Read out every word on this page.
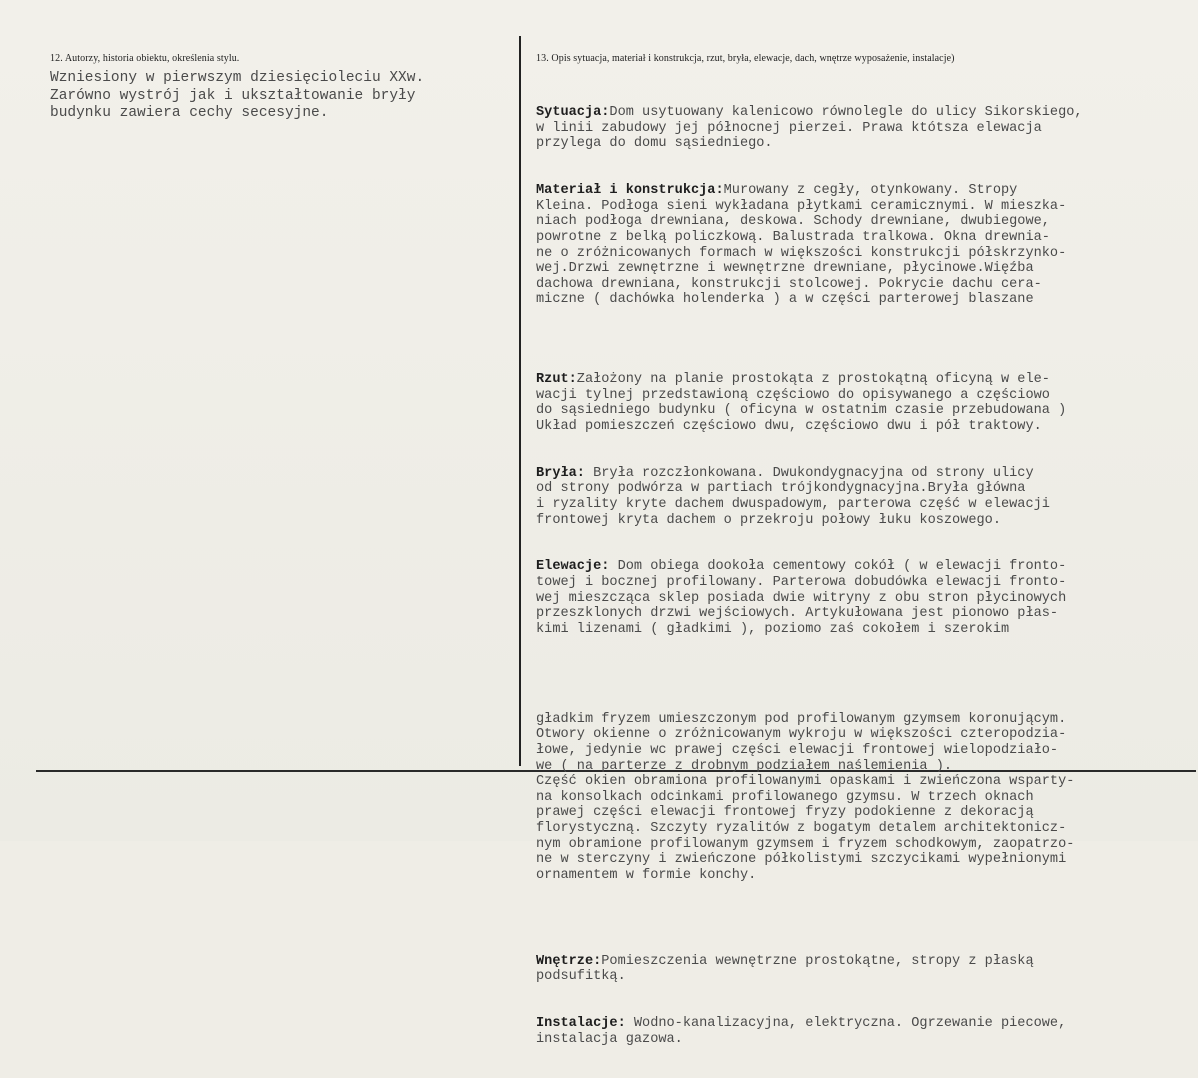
12. Autorzy, historia obiektu, określenia stylu.
Wzniesiony w pierwszym dziesięcioleciu XXw.
Zarówno wystrój jak i ukształtowanie bryły
budynku zawiera cechy secesyjne.
13. Opis sytuacja, materiał i konstrukcja, rzut, bryła, elewacje, dach, wnętrze wyposażenie, instalacje)

Sytuacja:Dom usytuowany kalenicowo równolegle do ulicy Sikorskiego,
w linii zabudowy jej północnej pierzei. Prawa któtsza elewacja
przylega do domu sąsiedniego.

Materiał i konstrukcja:Murowany z cegły, otynkowany. Stropy
Kleina. Podłoga sieni wykładana płytkami ceramicznymi. W mieszka-
niach podłoga drewniana, deskowa. Schody drewniane, dwubiegowe,
powrotne z belką policzkową. Balustrada tralkowa. Okna drewnia-
ne o zróżnicowanych formach w większości konstrukcji półskrzynko-
wej.Drzwi zewnętrzne i wewnętrzne drewniane, płycinowe.Więźba
dachowa drewniana, konstrukcji stolcowej. Pokrycie dachu cera-
miczne ( dachówka holenderka ) a w części parterowej blaszane

Rzut:Założony na planie prostokąta z prostokątną oficyną w ele-
wacji tylnej przedstawioną częściowo do opisywanego a częściowo
do sąsiedniego budynku ( oficyna w ostatnim czasie przebudowana )
Układ pomieszczeń częściowo dwu, częściowo dwu i pół traktowy.

Bryła: Bryła rozczłonkowana. Dwukondygnacyjna od strony ulicy
od strony podwórza w partiach trójkondygnacyjna.Bryła główna
i ryzality kryte dachem dwuspadowym, parterowa część w elewacji
frontowej kryta dachem o przekroju połowy łuku koszowego.

Elewacje: Dom obiega dookoła cementowy cokół ( w elewacji fronto-
towej i bocznej profilowany. Parterowa dobudówka elewacji fronto-
wej mieszcząca sklep posiada dwie witryny z obu stron płycinowych
przeszklonych drzwi wejściowych. Artykułowana jest pionowo płas-
kimi lizenami ( gładkimi ), poziomo zaś cokołem i szerokim

gładkim fryzem umieszczonym pod profilowanym gzymsem koronującym.
Otwory okienne o zróżnicowanym wykroju w większości czteropodzia-
łowe, jedynie wc prawej części elewacji frontowej wielopodziało-
we ( na parterze z drobnym podziałem naślemienia ).
Część okien obramiona profilowanymi opaskami i zwieńczona wsparty-
na konsolkach odcinkami profilowanego gzymsu. W trzech oknach
prawej części elewacji frontowej fryzy podokienne z dekoracją
florystyczną. Szczyty ryzalitów z bogatym detalem architektonicz-
nym obramione profilowanym gzymsem i fryzem schodkowym, zaopatrzo-
ne w sterczyny i zwieńczone półkolistymi szczycikami wypełnionymi
ornamentem w formie konchy.

Wnętrze:Pomieszczenia wewnętrzne prostokątne, stropy z płaską
podsufitką.

Instalacje: Wodno-kanalizacyjna, elektryczna. Ogrzewanie piecowe,
instalacja gazowa.
